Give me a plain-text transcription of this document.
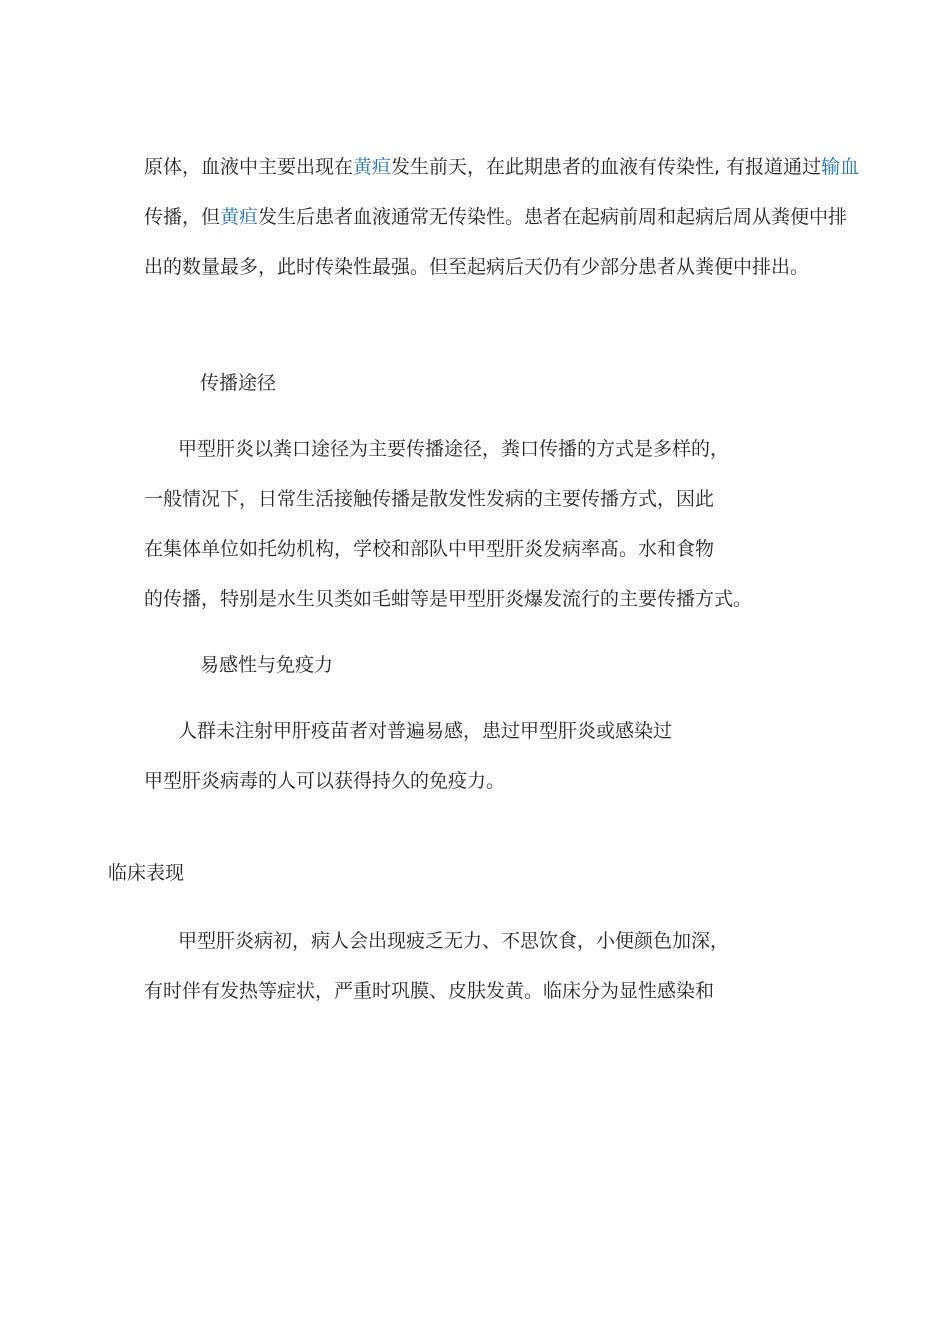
原体，血液中主要出现在黄疸发生前天，在此期患者的血液有传染性, 有报道通过输血
传播，但黄疸发生后患者血液通常无传染性。患者在起病前周和起病后周从粪便中排
出的数量最多，此时传染性最强。但至起病后天仍有少部分患者从粪便中排出。
传播途径
甲型肝炎以粪口途径为主要传播途径，粪口传播的方式是多样的，
一般情况下，日常生活接触传播是散发性发病的主要传播方式，因此
在集体单位如托幼机构，学校和部队中甲型肝炎发病率髙。水和食物
的传播，特别是水生贝类如毛蚶等是甲型肝炎爆发流行的主要传播方式。
易感性与免疫力
人群未注射甲肝疫苗者对普遍易感，患过甲型肝炎或感染过
甲型肝炎病毒的人可以获得持久的免疫力。
临床表现
甲型肝炎病初，病人会出现疲乏无力、不思饮食，小便颜色加深，
有时伴有发热等症状，严重时巩膜、皮肤发黄。临床分为显性感染和
